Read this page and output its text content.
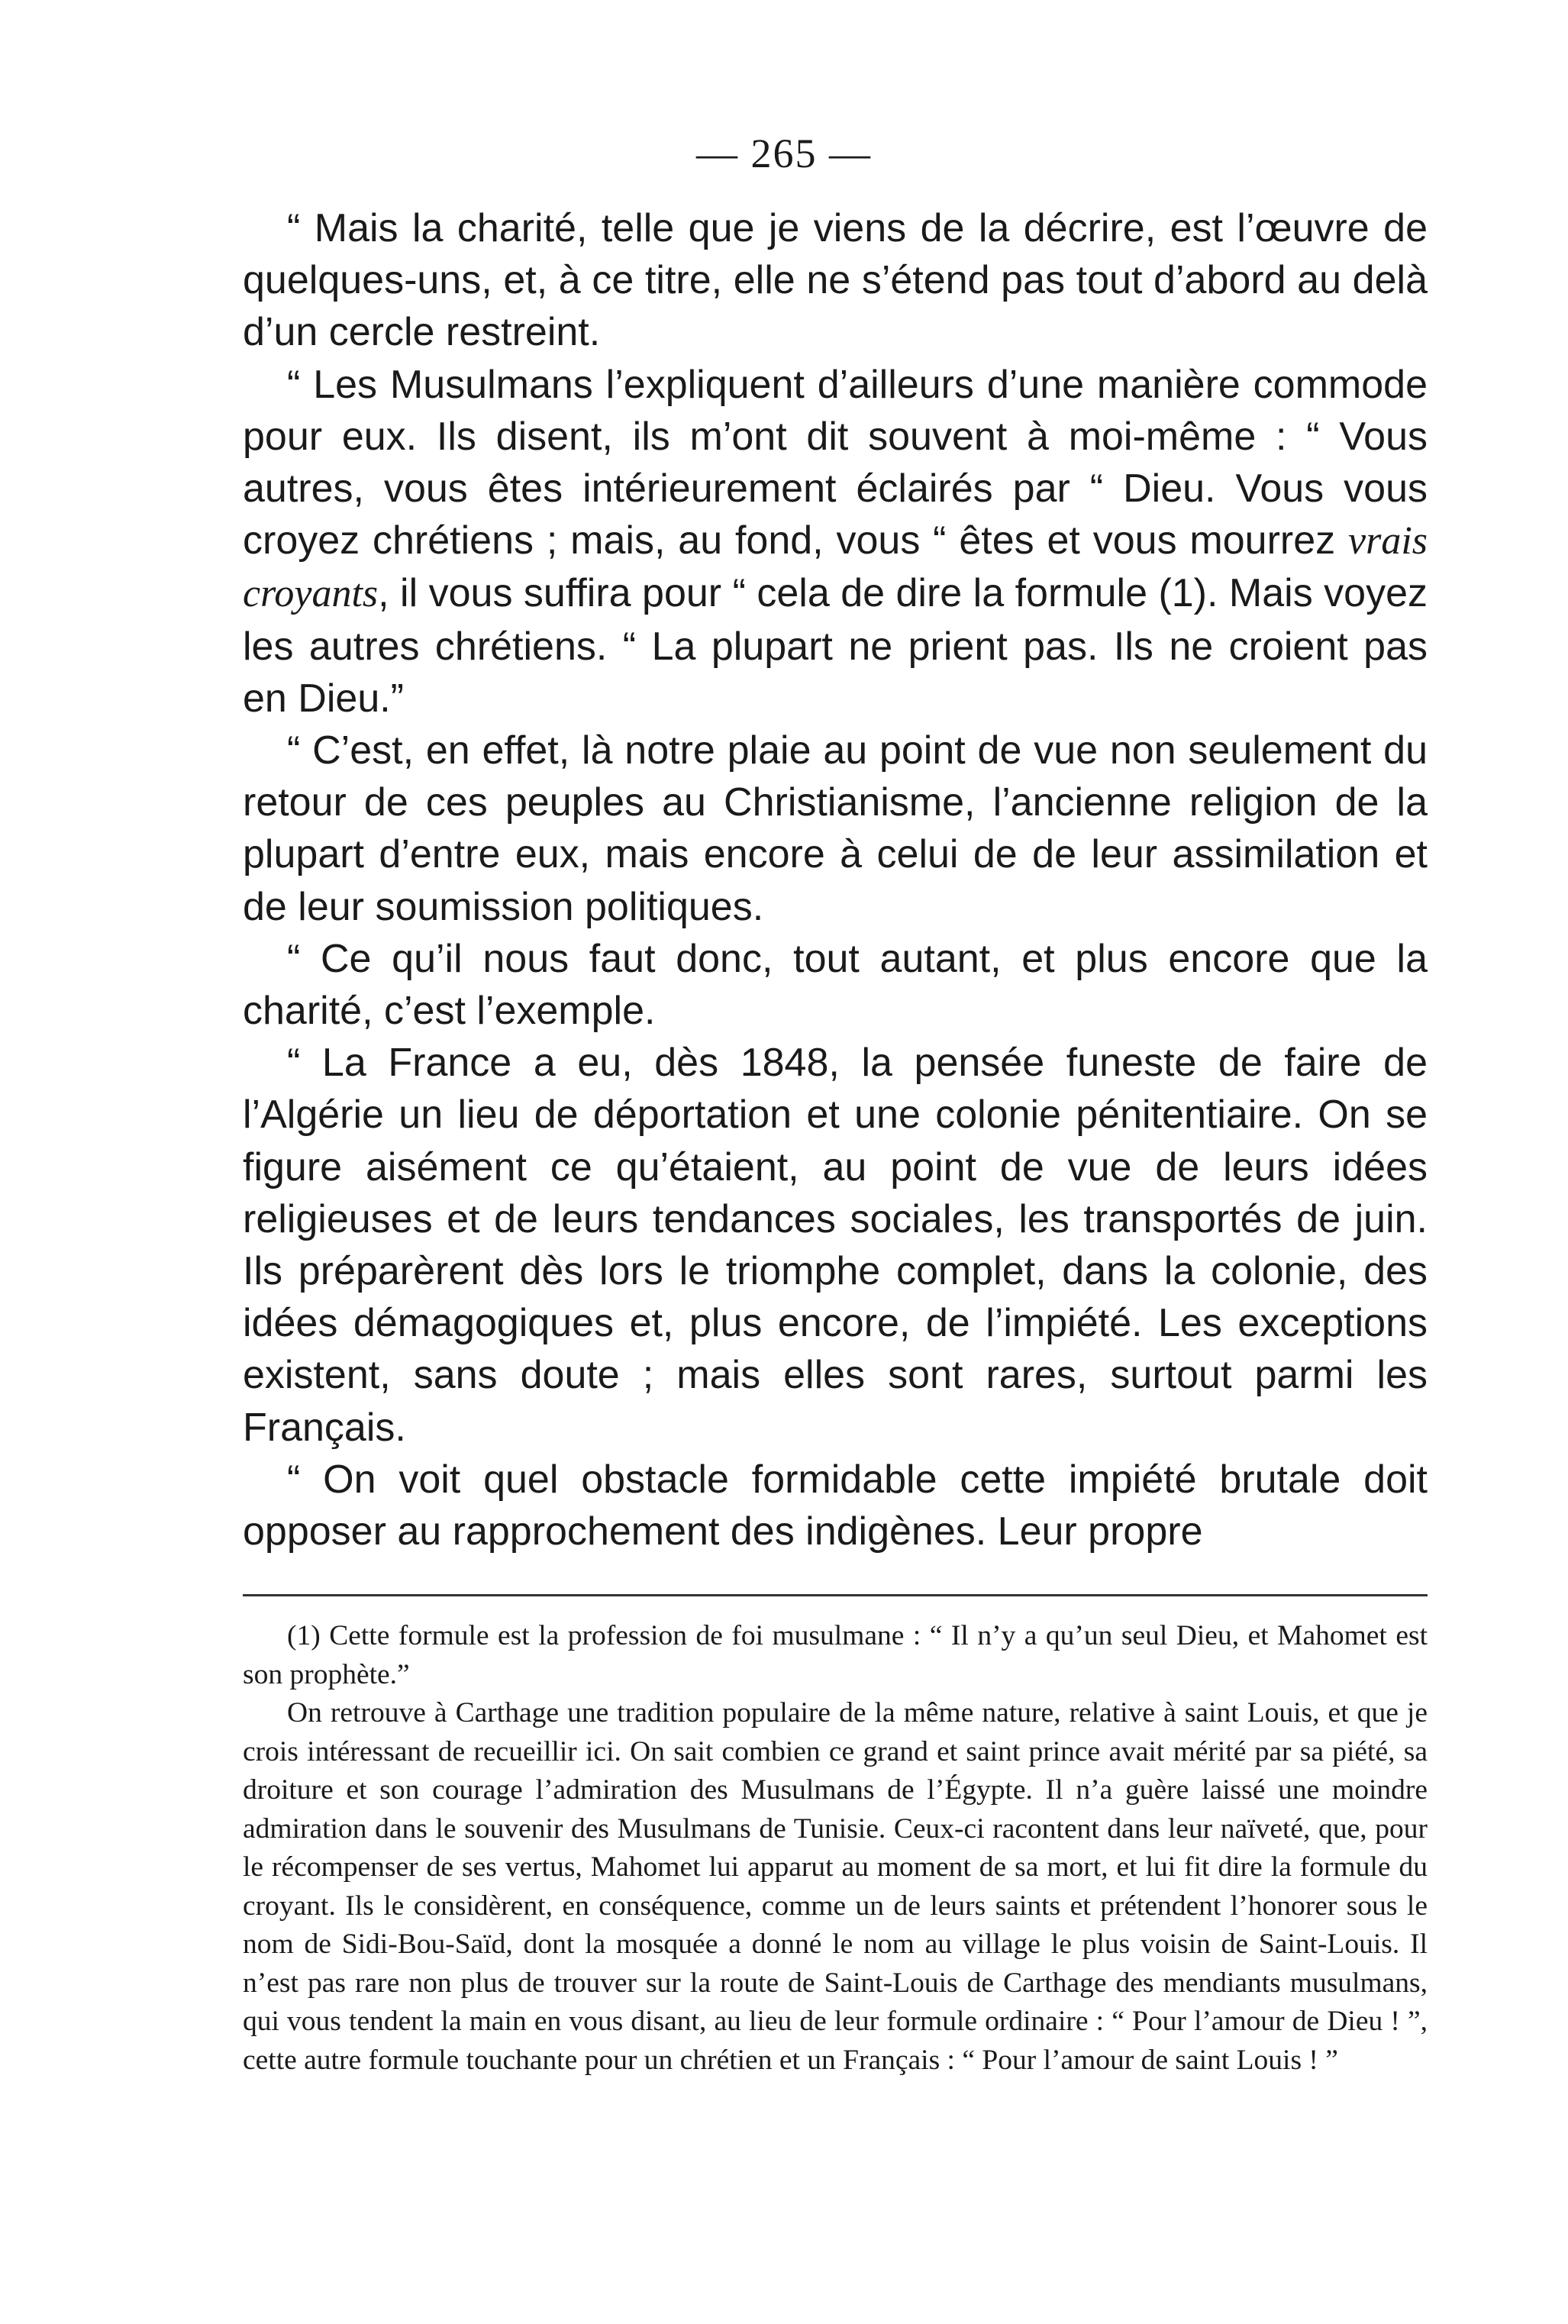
— 265 —

“ Mais la charité, telle que je viens de la décrire, est l’œuvre de quelques-uns, et, à ce titre, elle ne s’étend pas tout d’abord au delà d’un cercle restreint.

“ Les Musulmans l’expliquent d’ailleurs d’une manière commode pour eux. Ils disent, ils m’ont dit souvent à moi-même : “ Vous autres, vous êtes intérieurement éclairés par “ Dieu. Vous vous croyez chrétiens ; mais, au fond, vous “ êtes et vous mourrez vrais croyants, il vous suffira pour “ cela de dire la formule (1). Mais voyez les autres chrétiens. “ La plupart ne prient pas. Ils ne croient pas en Dieu.”

“ C’est, en effet, là notre plaie au point de vue non seulement du retour de ces peuples au Christianisme, l’ancienne religion de la plupart d’entre eux, mais encore à celui de de leur assimilation et de leur soumission politiques.

“ Ce qu’il nous faut donc, tout autant, et plus encore que la charité, c’est l’exemple.

“ La France a eu, dès 1848, la pensée funeste de faire de l’Algérie un lieu de déportation et une colonie pénitentiaire. On se figure aisément ce qu’étaient, au point de vue de leurs idées religieuses et de leurs tendances sociales, les transportés de juin. Ils préparèrent dès lors le triomphe complet, dans la colonie, des idées démagogiques et, plus encore, de l’impiété. Les exceptions existent, sans doute ; mais elles sont rares, surtout parmi les Français.

“ On voit quel obstacle formidable cette impiété brutale doit opposer au rapprochement des indigènes. Leur propre

(1) Cette formule est la profession de foi musulmane : “ Il n’y a qu’un seul Dieu, et Mahomet est son prophète.”

On retrouve à Carthage une tradition populaire de la même nature, relative à saint Louis, et que je crois intéressant de recueillir ici. On sait combien ce grand et saint prince avait mérité par sa piété, sa droiture et son courage l’admiration des Musulmans de l’Égypte. Il n’a guère laissé une moindre admiration dans le souvenir des Musulmans de Tunisie. Ceux-ci racontent dans leur naïveté, que, pour le récompenser de ses vertus, Mahomet lui apparut au moment de sa mort, et lui fit dire la formule du croyant. Ils le considèrent, en conséquence, comme un de leurs saints et prétendent l’honorer sous le nom de Sidi-Bou-Saïd, dont la mosquée a donné le nom au village le plus voisin de Saint-Louis. Il n’est pas rare non plus de trouver sur la route de Saint-Louis de Carthage des mendiants musulmans, qui vous tendent la main en vous disant, au lieu de leur formule ordinaire : “ Pour l’amour de Dieu ! ”, cette autre formule touchante pour un chrétien et un Français : “ Pour l’amour de saint Louis ! ”
